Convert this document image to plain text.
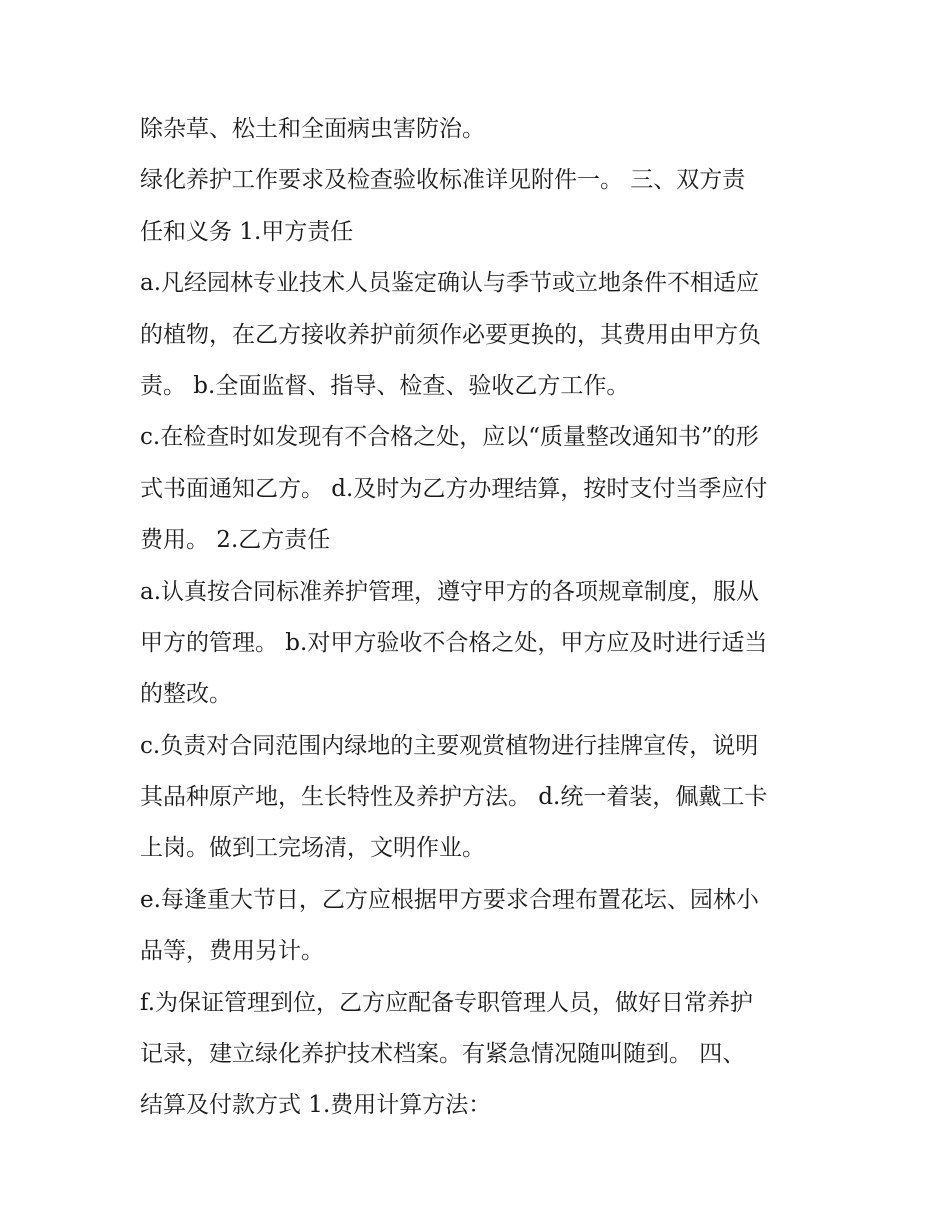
除杂草、松土和全面病虫害防治。
绿化养护工作要求及检查验收标准详见附件一。 三、双方责
任和义务 1.甲方责任
a.凡经园林专业技术人员鉴定确认与季节或立地条件不相适应
的植物，在乙方接收养护前须作必要更换的，其费用由甲方负
责。 b.全面监督、指导、检查、验收乙方工作。
c.在检查时如发现有不合格之处，应以“质量整改通知书”的形
式书面通知乙方。 d.及时为乙方办理结算，按时支付当季应付
费用。 2.乙方责任
a.认真按合同标准养护管理，遵守甲方的各项规章制度，服从
甲方的管理。 b.对甲方验收不合格之处，甲方应及时进行适当
的整改。
c.负责对合同范围内绿地的主要观赏植物进行挂牌宣传，说明
其品种原产地，生长特性及养护方法。 d.统一着装，佩戴工卡
上岗。做到工完场清，文明作业。
e.每逢重大节日，乙方应根据甲方要求合理布置花坛、园林小
品等，费用另计。
f.为保证管理到位，乙方应配备专职管理人员，做好日常养护
记录，建立绿化养护技术档案。有紧急情况随叫随到。 四、
结算及付款方式 1.费用计算方法：
